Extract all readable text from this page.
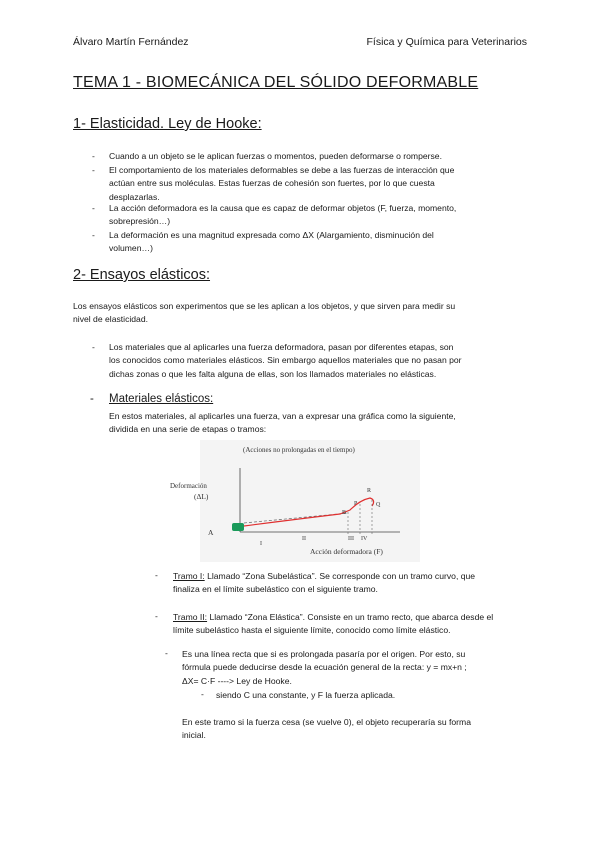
Álvaro Martín Fernández	Física y Química para Veterinarios
TEMA 1 - BIOMECÁNICA DEL SÓLIDO DEFORMABLE
1- Elasticidad. Ley de Hooke:
- Cuando a un objeto se le aplican fuerzas o momentos, pueden deformarse o romperse.
- El comportamiento de los materiales deformables se debe a las fuerzas de interacción que
actúan entre sus moléculas. Estas fuerzas de cohesión son fuertes, por lo que cuesta
desplazarlas.
- La acción deformadora es la causa que es capaz de deformar objetos (F, fuerza, momento,
sobrepresión…)
- La deformación es una magnitud expresada como ΔX (Alargamiento, disminución del
volumen…)
2- Ensayos elásticos:
Los ensayos elásticos son experimentos que se les aplican a los objetos, y que sirven para medir su
nivel de elasticidad.
- Los materiales que al aplicarles una fuerza deformadora, pasan por diferentes etapas, son
los conocidos como materiales elásticos. Sin embargo aquellos materiales que no pasan por
dichas zonas o que les falta alguna de ellas, son los llamados materiales no elásticas.
- Materiales elásticos:
En estos materiales, al aplicarles una fuerza, van a expresar una gráfica como la siguiente,
dividida en una serie de etapas o tramos:
(Acciones no prolongadas en el tiempo)
Deformación
(ΔL)
A
B
P
R
Q
I
II	III IV
Acción deformadora (F)
- Tramo I: Llamado “Zona Subelástica”. Se corresponde con un tramo curvo, que
finaliza en el límite subelástico con el siguiente tramo.
- Tramo II: Llamado “Zona Elástica”. Consiste en un tramo recto, que abarca desde el
límite subelástico hasta el siguiente límite, conocido como límite elástico.
- Es una línea recta que si es prolongada pasaría por el origen. Por esto, su
fórmula puede deducirse desde la ecuación general de la recta: y = mx+n ;
ΔX= C·F ----> Ley de Hooke.
- siendo C una constante, y F la fuerza aplicada.
En este tramo si la fuerza cesa (se vuelve 0), el objeto recuperaría su forma
inicial.
